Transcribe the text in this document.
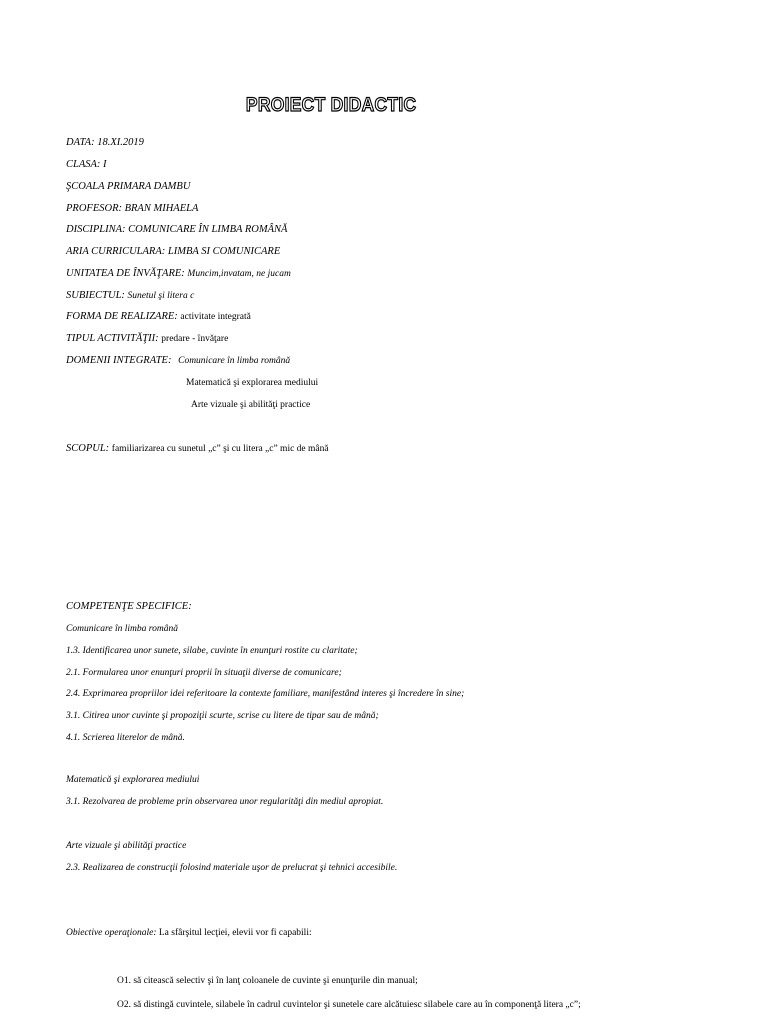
PROIECT DIDACTIC
DATA: 18.XI.2019
CLASA: I
ŞCOALA PRIMARA DAMBU
PROFESOR: BRAN MIHAELA
DISCIPLINA: COMUNICARE ÎN LIMBA ROMÂNĂ
ARIA CURRICULARA: LIMBA SI COMUNICARE
UNITATEA DE ÎNVĂŢARE: Muncim,invatam, ne jucam
SUBIECTUL: Sunetul şi litera c
FORMA DE REALIZARE: activitate integrată
TIPUL ACTIVITĂŢII: predare - învăţare
DOMENII INTEGRATE: Comunicare în limba română
Matematică şi explorarea mediului
Arte vizuale şi abilităţi practice
SCOPUL: familiarizarea cu sunetul „c” şi cu litera „c” mic de mână
COMPETENŢE SPECIFICE:
Comunicare în limba română
1.3. Identificarea unor sunete, silabe, cuvinte în enunţuri rostite cu claritate;
2.1. Formularea unor enunţuri proprii în situaţii diverse de comunicare;
2.4. Exprimarea propriilor idei referitoare la contexte familiare, manifestând interes şi încredere în sine;
3.1. Citirea unor cuvinte şi propoziţii scurte, scrise cu litere de tipar sau de mână;
4.1. Scrierea literelor de mână.
Matematică şi explorarea mediului
3.1. Rezolvarea de probleme prin observarea unor regularităţi din mediul apropiat.
Arte vizuale şi abilităţi practice
2.3. Realizarea de construcţii folosind materiale uşor de prelucrat şi tehnici accesibile.
Obiective operaţionale: La sfârşitul lecţiei, elevii vor fi capabili:
O1. să citească selectiv şi în lanţ coloanele de cuvinte şi enunţurile din manual;
O2. să distingă cuvintele, silabele în cadrul cuvintelor şi sunetele care alcătuiesc silabele care au în componenţă litera „c”;
